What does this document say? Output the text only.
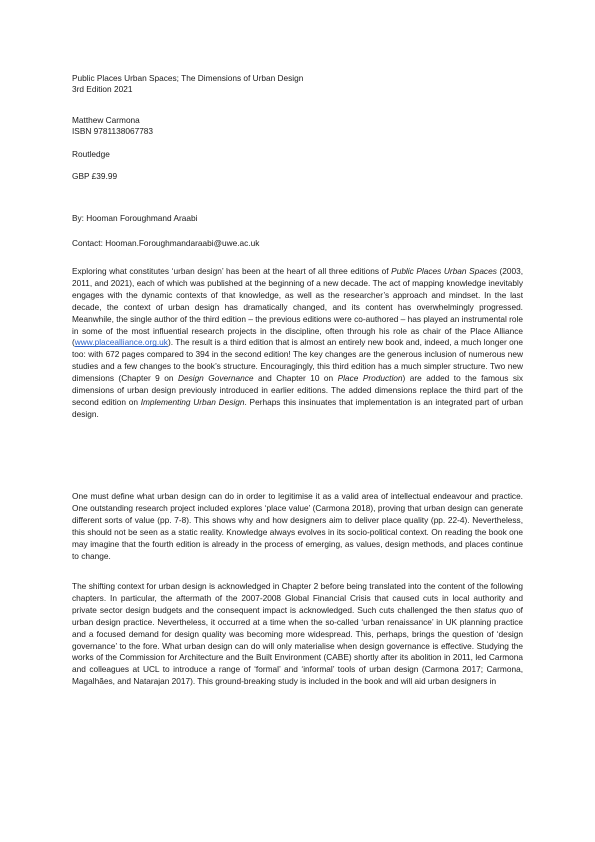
Public Places Urban Spaces; The Dimensions of Urban Design
3rd Edition 2021
Matthew Carmona
ISBN 9781138067783
Routledge
GBP £39.99
By: Hooman Foroughmand Araabi
Contact: Hooman.Foroughmandaraabi@uwe.ac.uk

Exploring what constitutes ‘urban design’ has been at the heart of all three editions of Public Places Urban Spaces (2003, 2011, and 2021), each of which was published at the beginning of a new decade. The act of mapping knowledge inevitably engages with the dynamic contexts of that knowledge, as well as the researcher’s approach and mindset. In the last decade, the context of urban design has dramatically changed, and its content has overwhelmingly progressed. Meanwhile, the single author of the third edition – the previous editions were co-authored – has played an instrumental role in some of the most influential research projects in the discipline, often through his role as chair of the Place Alliance (www.placealliance.org.uk). The result is a third edition that is almost an entirely new book and, indeed, a much longer one too: with 672 pages compared to 394 in the second edition! The key changes are the generous inclusion of numerous new studies and a few changes to the book’s structure. Encouragingly, this third edition has a much simpler structure. Two new dimensions (Chapter 9 on Design Governance and Chapter 10 on Place Production) are added to the famous six dimensions of urban design previously introduced in earlier editions. The added dimensions replace the third part of the second edition on Implementing Urban Design. Perhaps this insinuates that implementation is an integrated part of urban design.

One must define what urban design can do in order to legitimise it as a valid area of intellectual endeavour and practice. One outstanding research project included explores ‘place value’ (Carmona 2018), proving that urban design can generate different sorts of value (pp. 7-8). This shows why and how designers aim to deliver place quality (pp. 22-4). Nevertheless, this should not be seen as a static reality. Knowledge always evolves in its socio-political context. On reading the book one may imagine that the fourth edition is already in the process of emerging, as values, design methods, and places continue to change.

The shifting context for urban design is acknowledged in Chapter 2 before being translated into the content of the following chapters. In particular, the aftermath of the 2007-2008 Global Financial Crisis that caused cuts in local authority and private sector design budgets and the consequent impact is acknowledged. Such cuts challenged the then status quo of urban design practice. Nevertheless, it occurred at a time when the so-called ‘urban renaissance’ in UK planning practice and a focused demand for design quality was becoming more widespread. This, perhaps, brings the question of ‘design governance’ to the fore. What urban design can do will only materialise when design governance is effective. Studying the works of the Commission for Architecture and the Built Environment (CABE) shortly after its abolition in 2011, led Carmona and colleagues at UCL to introduce a range of ‘formal’ and ‘informal’ tools of urban design (Carmona 2017; Carmona, Magalhães, and Natarajan 2017). This ground-breaking study is included in the book and will aid urban designers in
